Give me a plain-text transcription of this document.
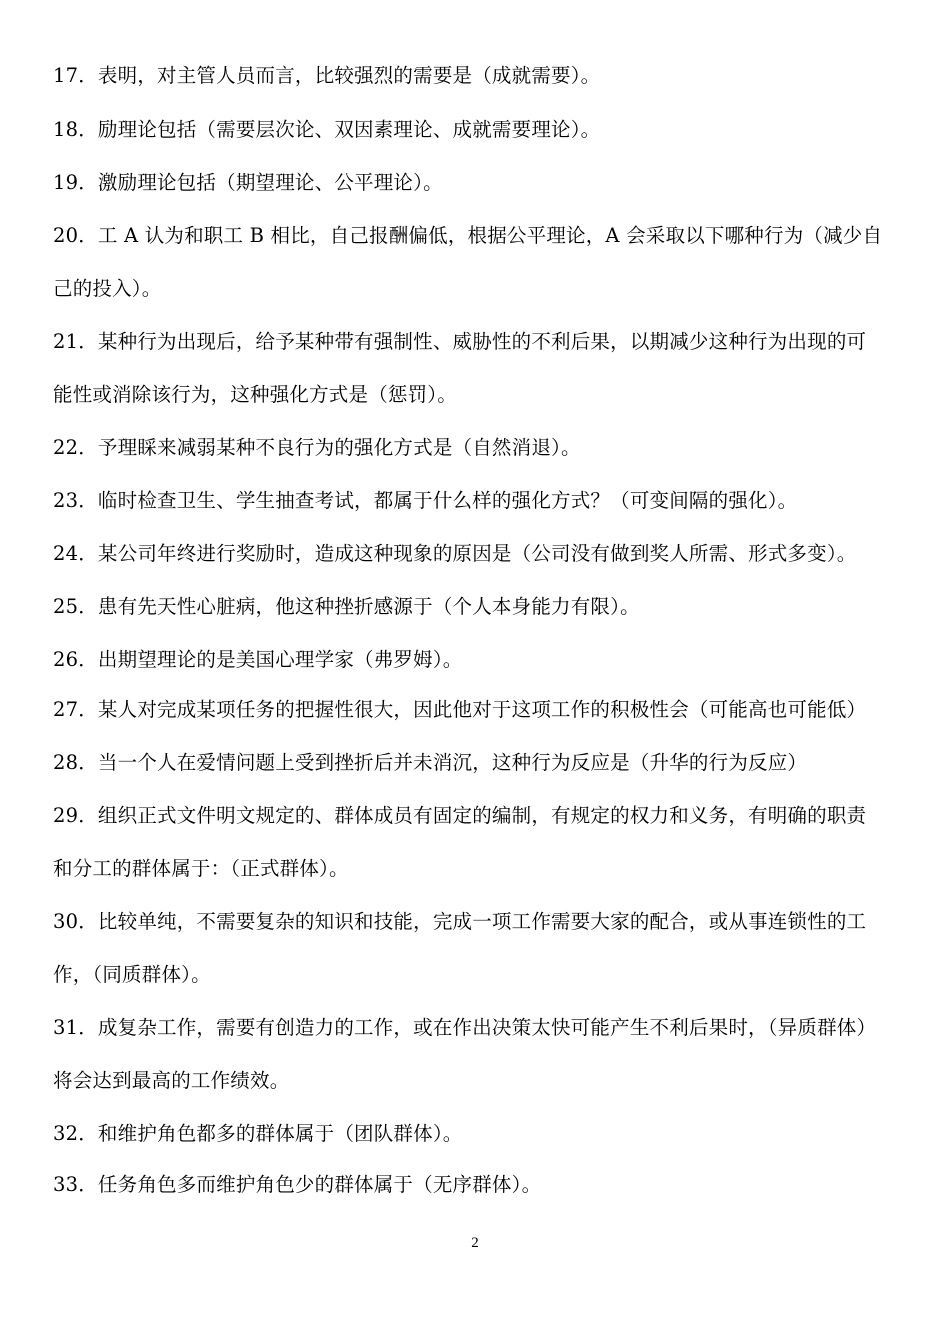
17．表明，对主管人员而言，比较强烈的需要是（成就需要）。
18．励理论包括（需要层次论、双因素理论、成就需要理论）。
19．激励理论包括（期望理论、公平理论）。
20．工 A 认为和职工 B 相比，自己报酬偏低，根据公平理论，A 会采取以下哪种行为（减少自
己的投入）。
21．某种行为出现后，给予某种带有强制性、威胁性的不利后果，以期减少这种行为出现的可
能性或消除该行为，这种强化方式是（惩罚）。
22．予理睬来减弱某种不良行为的强化方式是（自然消退）。
23．临时检查卫生、学生抽查考试，都属于什么样的强化方式？（可变间隔的强化）。
24．某公司年终进行奖励时，造成这种现象的原因是（公司没有做到奖人所需、形式多变）。
25．患有先天性心脏病，他这种挫折感源于（个人本身能力有限）。
26．出期望理论的是美国心理学家（弗罗姆）。
27．某人对完成某项任务的把握性很大，因此他对于这项工作的积极性会（可能高也可能低）
28．当一个人在爱情问题上受到挫折后并未消沉，这种行为反应是（升华的行为反应）
29．组织正式文件明文规定的、群体成员有固定的编制，有规定的权力和义务，有明确的职责
和分工的群体属于：（正式群体）。
30．比较单纯，不需要复杂的知识和技能，完成一项工作需要大家的配合，或从事连锁性的工
作，（同质群体）。
31．成复杂工作，需要有创造力的工作，或在作出决策太快可能产生不利后果时，（异质群体）
将会达到最高的工作绩效。
32．和维护角色都多的群体属于（团队群体）。
33．任务角色多而维护角色少的群体属于（无序群体）。
2
